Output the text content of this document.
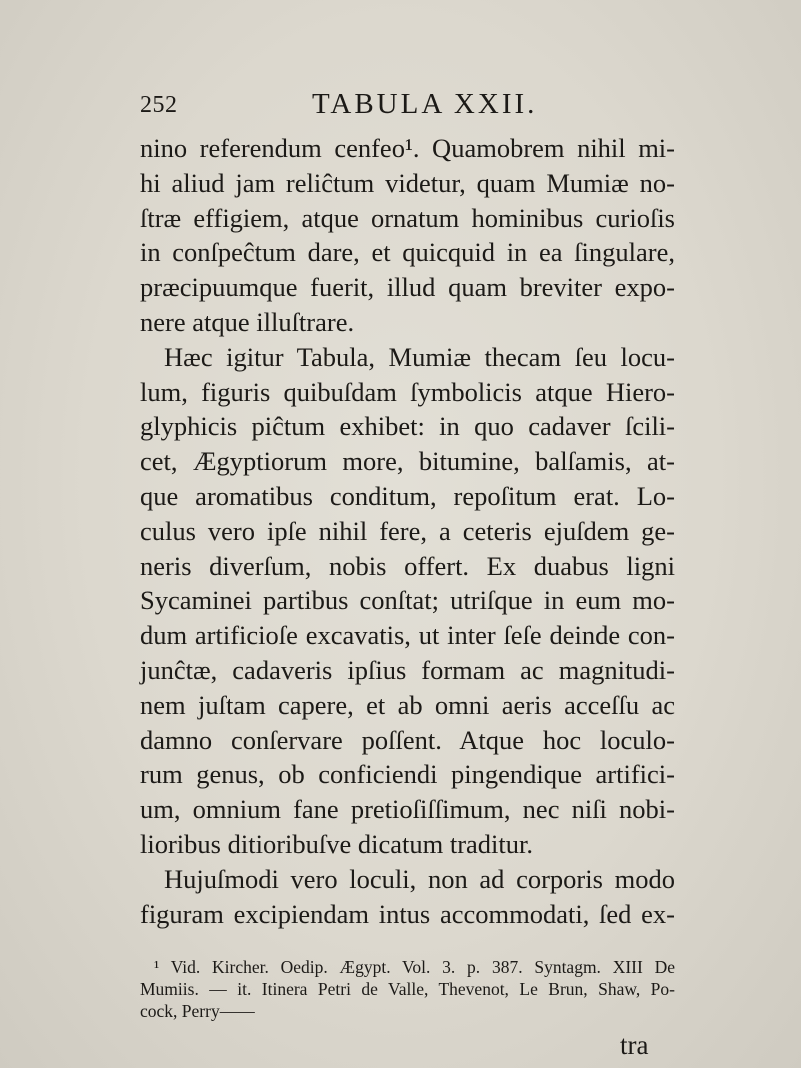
252	TABULA XXII.
nino referendum cenfeo¹. Quamobrem nihil mi-
hi aliud jam reliĉtum videtur, quam Mumiæ no-
ſtræ effigiem, atque ornatum hominibus curioſis
in conſpeĉtum dare, et quicquid in ea ſingulare,
præcipuumque fuerit, illud quam breviter expo-
nere atque illuſtrare.
Hæc igitur Tabula, Mumiæ thecam ſeu locu-
lum, figuris quibuſdam ſymbolicis atque Hiero-
glyphicis piĉtum exhibet: in quo cadaver ſcili-
cet, Ægyptiorum more, bitumine, balſamis, at-
que aromatibus conditum, repoſitum erat. Lo-
culus vero ipſe nihil fere, a ceteris ejuſdem ge-
neris diverſum, nobis offert. Ex duabus ligni
Sycaminei partibus conſtat; utriſque in eum mo-
dum artificioſe excavatis, ut inter ſeſe deinde con-
junĉtæ, cadaveris ipſius formam ac magnitudi-
nem juſtam capere, et ab omni aeris acceſſu ac
damno conſervare poſſent. Atque hoc loculo-
rum genus, ob conficiendi pingendique artifici-
um, omnium fane pretioſiſſimum, nec niſi nobi-
lioribus ditioribuſve dicatum traditur.
Hujuſmodi vero loculi, non ad corporis modo
figuram excipiendam intus accommodati, ſed ex-
¹ Vid. Kircher. Oedip. Ægypt. Vol. 3. p. 387. Syntagm. XIII De
Mumiis. — it. Itinera Petri de Valle, Thevenot, Le Brun, Shaw, Po-
cock, Perry——
tra
